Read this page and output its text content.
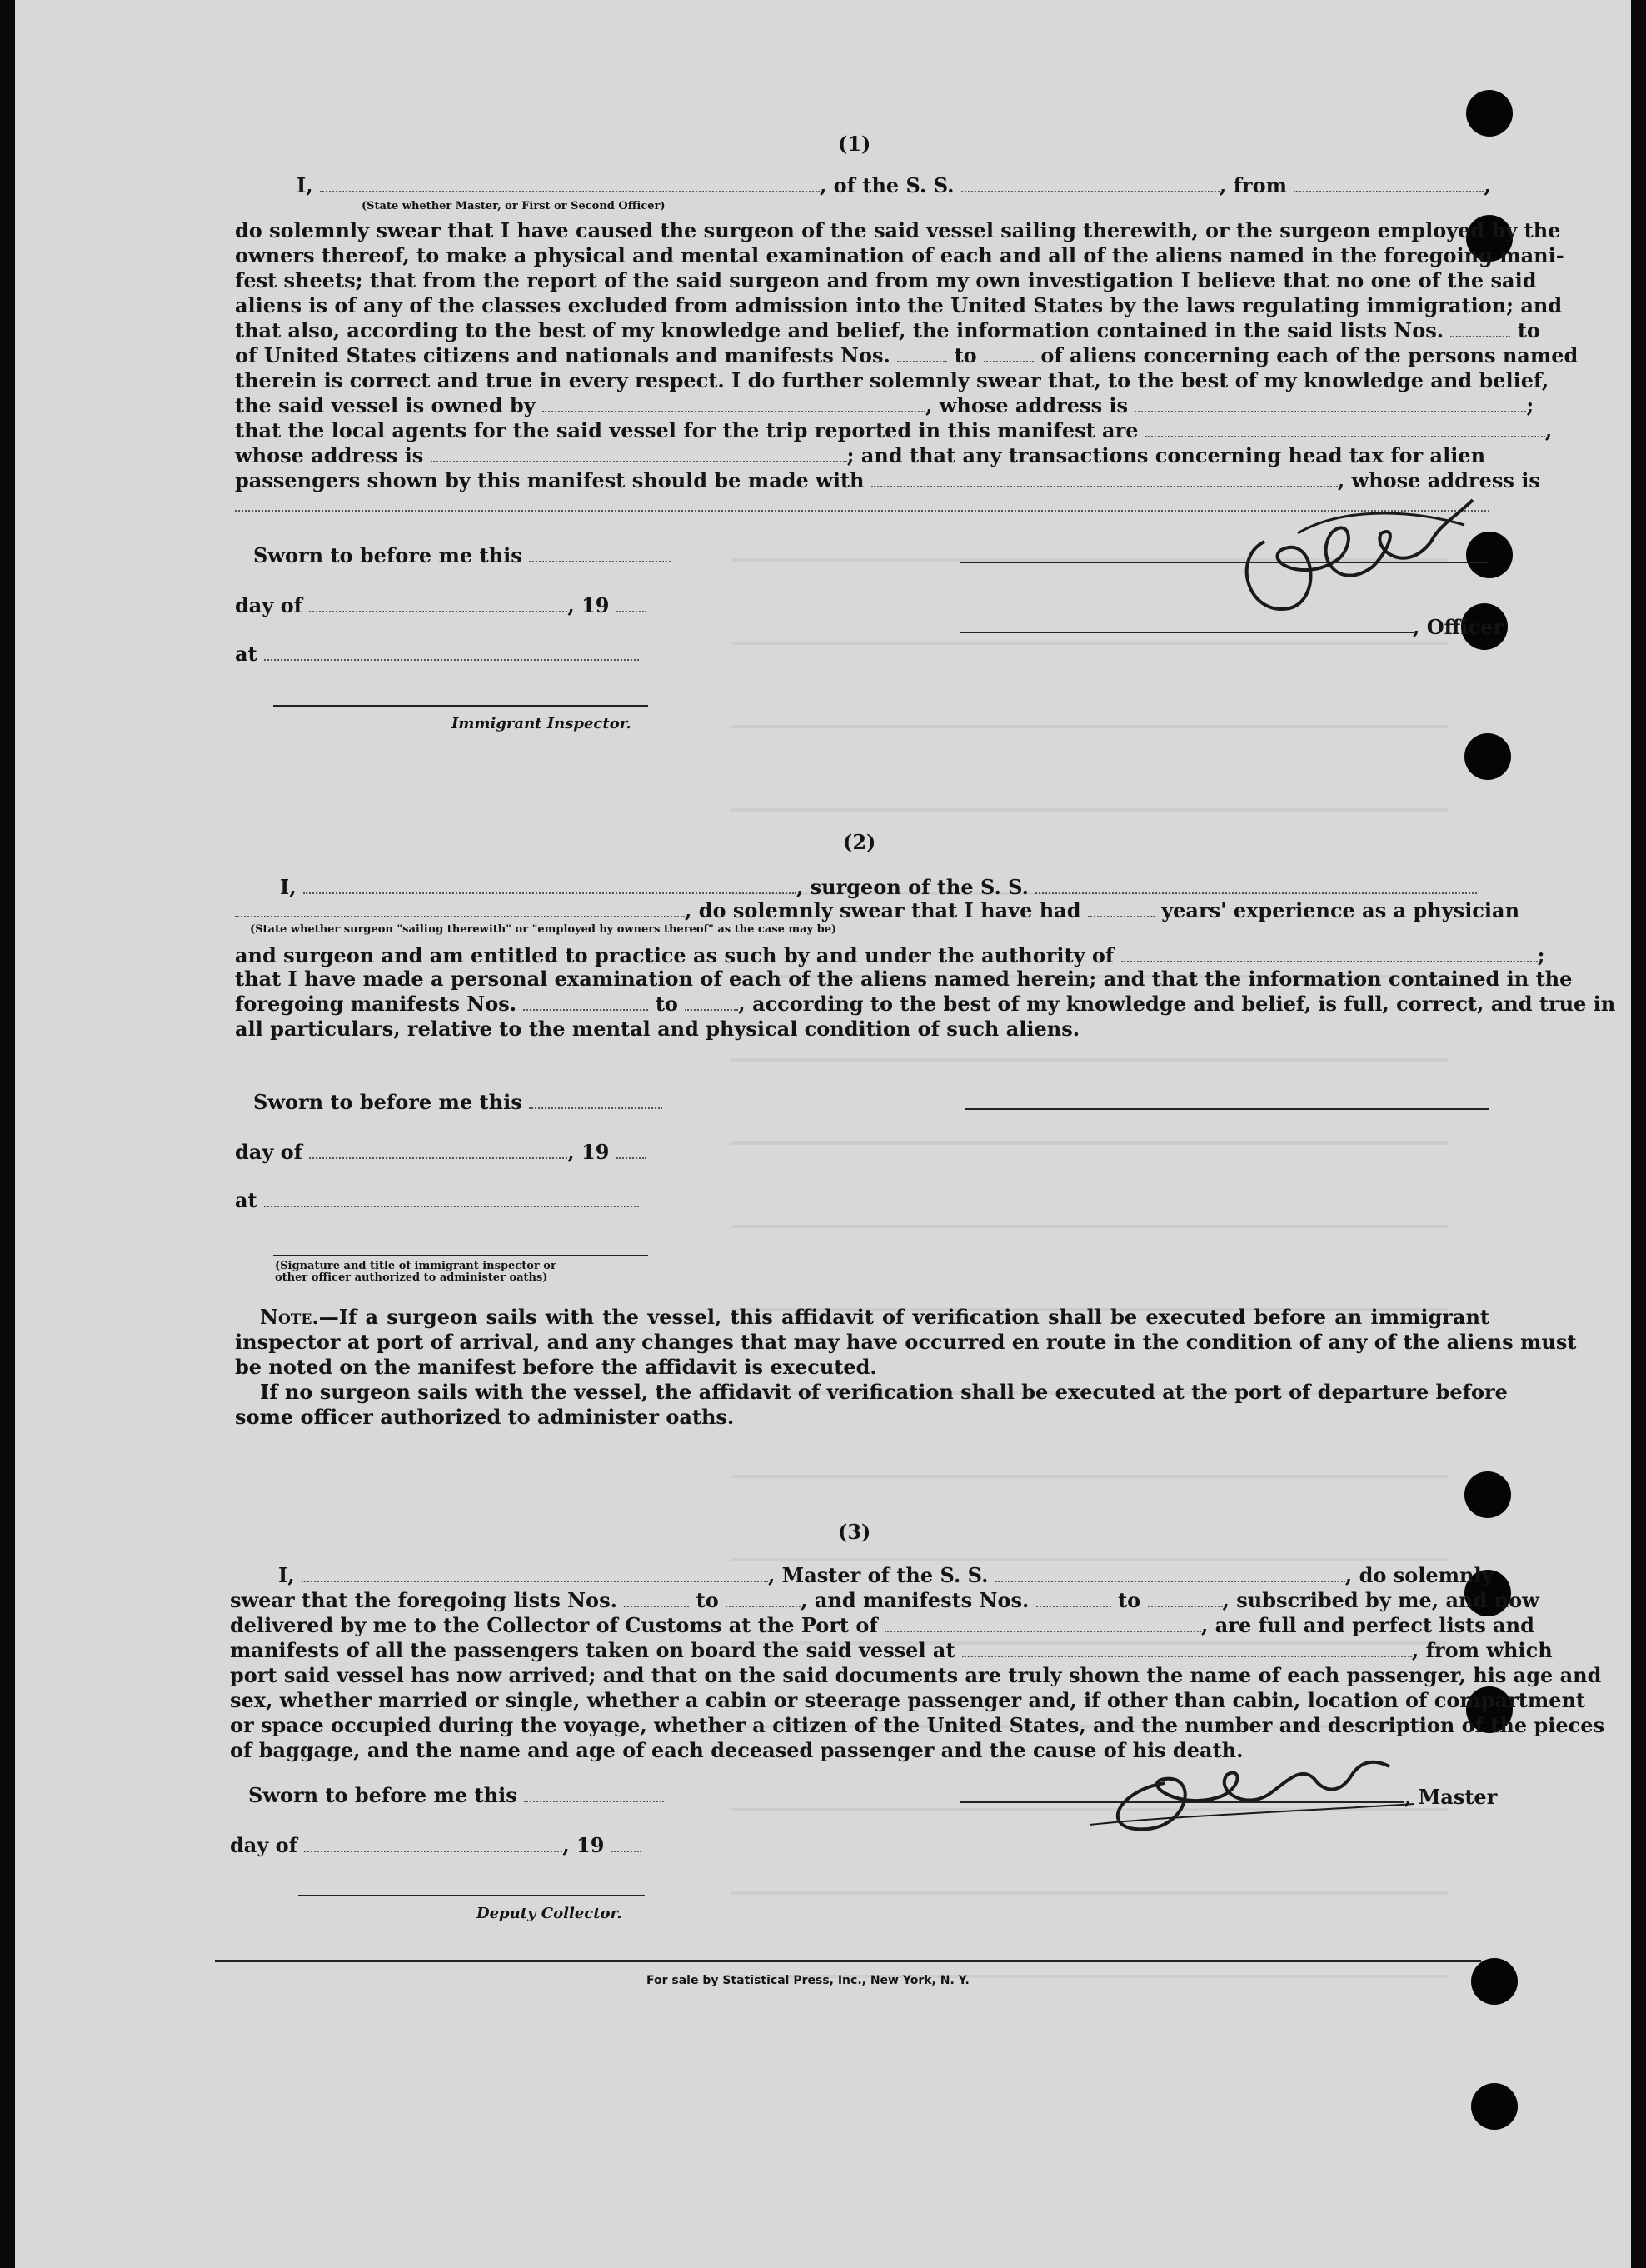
(1)
I,	, of the S. S.	, from	,
(State whether Master, or First or Second Officer)
do solemnly swear that I have caused the surgeon of the said vessel sailing therewith, or the surgeon employed by the
owners thereof, to make a physical and mental examination of each and all of the aliens named in the foregoing mani-
fest sheets; that from the report of the said surgeon and from my own investigation I believe that no one of the said
aliens is of any of the classes excluded from admission into the United States by the laws regulating immigration; and
that also, according to the best of my knowledge and belief, the information contained in the said lists Nos.	to
of United States citizens and nationals and manifests Nos.	to	of aliens concerning each of the persons named
therein is correct and true in every respect. I do further solemnly swear that, to the best of my knowledge and belief,
the said vessel is owned by	, whose address is	;
that the local agents for the said vessel for the trip reported in this manifest are	,
whose address is	; and that any transactions concerning head tax for alien
passengers shown by this manifest should be made with	, whose address is
Sworn to before me this
day of	, 19
at
Immigrant Inspector.
, Officer
(2)
I,	, surgeon of the S. S.
, do solemnly swear that I have had	years' experience as a physician
(State whether surgeon "sailing therewith" or "employed by owners thereof" as the case may be)
and surgeon and am entitled to practice as such by and under the authority of	;
that I have made a personal examination of each of the aliens named herein; and that the information contained in the
foregoing manifests Nos.	to	, according to the best of my knowledge and belief, is full, correct, and true in
all particulars, relative to the mental and physical condition of such aliens.
Sworn to before me this
day of	, 19
at
(Signature and title of immigrant inspector or
other officer authorized to administer oaths)
Note.—If a surgeon sails with the vessel, this affidavit of verification shall be executed before an immigrant
inspector at port of arrival, and any changes that may have occurred en route in the condition of any of the aliens must
be noted on the manifest before the affidavit is executed.
If no surgeon sails with the vessel, the affidavit of verification shall be executed at the port of departure before
some officer authorized to administer oaths.
(3)
I,	, Master of the S. S.	, do solemnly
swear that the foregoing lists Nos.	to	, and manifests Nos.	to	, subscribed by me, and now
delivered by me to the Collector of Customs at the Port of	, are full and perfect lists and
manifests of all the passengers taken on board the said vessel at	, from which
port said vessel has now arrived; and that on the said documents are truly shown the name of each passenger, his age and
sex, whether married or single, whether a cabin or steerage passenger and, if other than cabin, location of compartment
or space occupied during the voyage, whether a citizen of the United States, and the number and description of the pieces
of baggage, and the name and age of each deceased passenger and the cause of his death.
Sworn to before me this
day of	, 19
Deputy Collector.
, Master
For sale by Statistical Press, Inc., New York, N. Y.
